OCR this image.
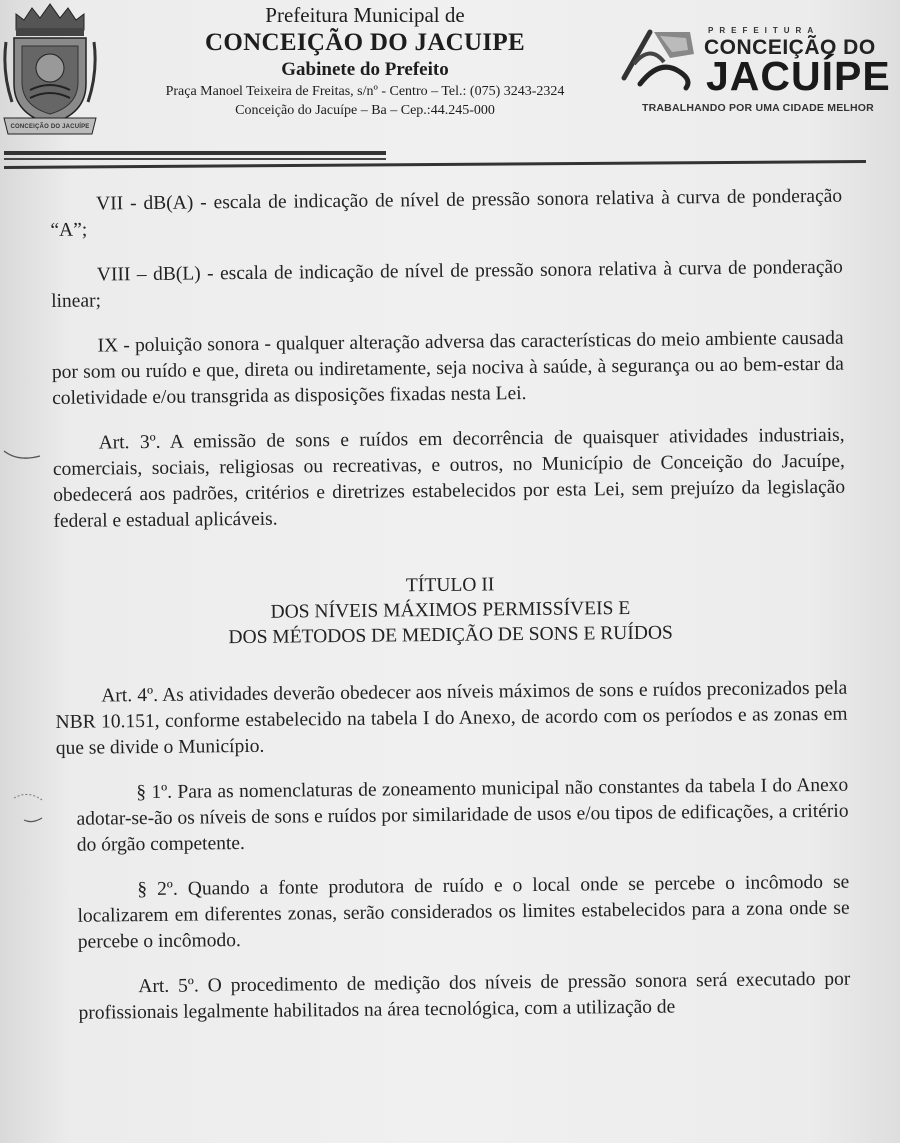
CONCEIÇÃO DO JACUÍPE
Prefeitura Municipal de
CONCEIÇÃO DO JACUIPE
Gabinete do Prefeito
Praça Manoel Teixeira de Freitas, s/nº - Centro – Tel.: (075) 3243-2324
Conceição do Jacuípe – Ba – Cep.:44.245-000
PREFEITURA
CONCEIÇÃO DO
JACUÍPE
TRABALHANDO POR UMA CIDADE MELHOR

VII - dB(A) - escala de indicação de nível de pressão sonora relativa à curva de ponderação “A”;

VIII – dB(L) - escala de indicação de nível de pressão sonora relativa à curva de ponderação linear;

IX - poluição sonora - qualquer alteração adversa das características do meio ambiente causada por som ou ruído e que, direta ou indiretamente, seja nociva à saúde, à segurança ou ao bem-estar da coletividade e/ou transgrida as disposições fixadas nesta Lei.

Art. 3º. A emissão de sons e ruídos em decorrência de quaisquer atividades industriais, comerciais, sociais, religiosas ou recreativas, e outros, no Município de Conceição do Jacuípe, obedecerá aos padrões, critérios e diretrizes estabelecidos por esta Lei, sem prejuízo da legislação federal e estadual aplicáveis.

TÍTULO II
DOS NÍVEIS MÁXIMOS PERMISSÍVEIS E
DOS MÉTODOS DE MEDIÇÃO DE SONS E RUÍDOS

Art. 4º. As atividades deverão obedecer aos níveis máximos de sons e ruídos preconizados pela NBR 10.151, conforme estabelecido na tabela I do Anexo, de acordo com os períodos e as zonas em que se divide o Município.

§ 1º. Para as nomenclaturas de zoneamento municipal não constantes da tabela I do Anexo adotar-se-ão os níveis de sons e ruídos por similaridade de usos e/ou tipos de edificações, a critério do órgão competente.

§ 2º. Quando a fonte produtora de ruído e o local onde se percebe o incômodo se localizarem em diferentes zonas, serão considerados os limites estabelecidos para a zona onde se percebe o incômodo.

Art. 5º. O procedimento de medição dos níveis de pressão sonora será executado por profissionais legalmente habilitados na área tecnológica, com a utilização de
